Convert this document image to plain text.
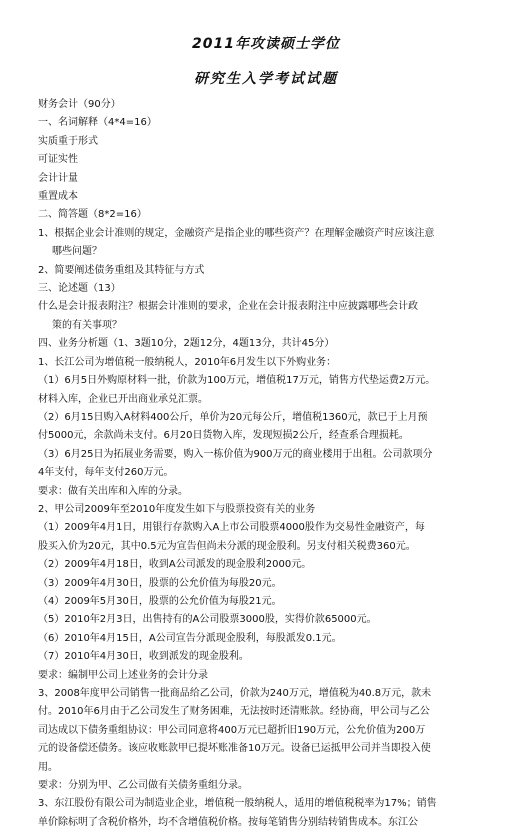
2011年攻读硕士学位
研究生入学考试试题
财务会计（90分）
一、名词解释（4*4=16）
实质重于形式
可证实性
会计计量
重置成本
二、简答题（8*2=16）
1、根据企业会计准则的规定，金融资产是指企业的哪些资产？在理解金融资产时应该注意
哪些问题？
2、简要阐述债务重组及其特征与方式
三、论述题（13）
什么是会计报表附注？根据会计准则的要求，企业在会计报表附注中应披露哪些会计政
策的有关事项？
四、业务分析题（1、3题10分，2题12分，4题13分，共计45分）
1、长江公司为增值税一般纳税人，2010年6月发生以下外购业务：
（1）6月5日外购原材料一批，价款为100万元，增值税17万元，销售方代垫运费2万元。
材料入库，企业已开出商业承兑汇票。
（2）6月15日购入A材料400公斤，单价为20元每公斤，增值税1360元，款已于上月预
付5000元，余款尚未支付。6月20日货物入库，发现短损2公斤，经查系合理损耗。
（3）6月25日为拓展业务需要，购入一栋价值为900万元的商业楼用于出租。公司款项分
4年支付，每年支付260万元。
要求：做有关出库和入库的分录。
2、甲公司2009年至2010年度发生如下与股票投资有关的业务
（1）2009年4月1日，用银行存款购入A上市公司股票4000股作为交易性金融资产，每
股买入价为20元，其中0.5元为宣告但尚未分派的现金股利。另支付相关税费360元。
（2）2009年4月18日，收到A公司派发的现金股利2000元。
（3）2009年4月30日，股票的公允价值为每股20元。
（4）2009年5月30日，股票的公允价值为每股21元。
（5）2010年2月3日，出售持有的A公司股票3000股，实得价款65000元。
（6）2010年4月15日，A公司宣告分派现金股利，每股派发0.1元。
（7）2010年4月30日，收到派发的现金股利。
要求：编制甲公司上述业务的会计分录
3、2008年度甲公司销售一批商品给乙公司，价款为240万元，增值税为40.8万元，款未
付。2010年6月由于乙公司发生了财务困难，无法按时还清账款。经协商，甲公司与乙公
司达成以下债务重组协议：甲公司同意将400万元已超折旧190万元，公允价值为200万
元的设备偿还债务。该应收账款甲已提坏账准备10万元。设备已运抵甲公司并当即投入使
用。
要求：分别为甲、乙公司做有关债务重组分录。
3、东江股份有限公司为制造业企业，增值税一般纳税人，适用的增值税税率为17%；销售
单价除标明了含税价格外，均不含增值税价格。按每笔销售分别结转销售成本。东江公
